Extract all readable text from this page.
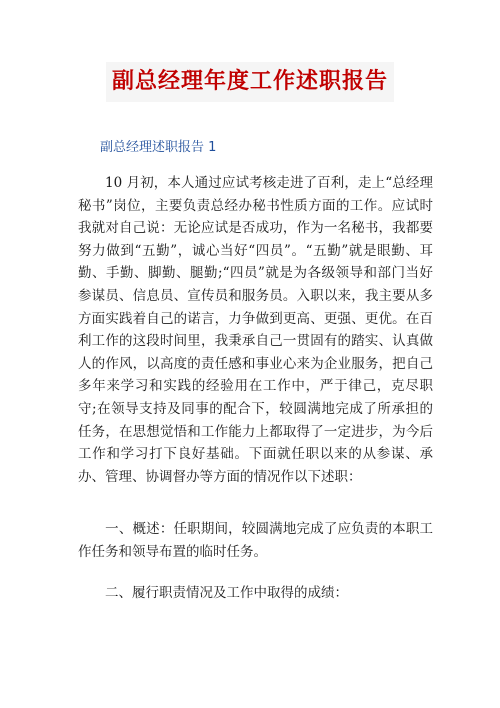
副总经理年度工作述职报告
副总经理述职报告 1

10 月初，本人通过应试考核走进了百利，走上“总经理秘书”岗位，主要负责总经办秘书性质方面的工作。应试时我就对自己说：无论应试是否成功，作为一名秘书，我都要努力做到“五勤”，诚心当好“四员”。“五勤”就是眼勤、耳勤、手勤、脚勤、腿勤;“四员”就是为各级领导和部门当好参谋员、信息员、宣传员和服务员。入职以来，我主要从多方面实践着自己的诺言，力争做到更高、更强、更优。在百利工作的这段时间里，我秉承自己一贯固有的踏实、认真做人的作风，以高度的责任感和事业心来为企业服务，把自己多年来学习和实践的经验用在工作中，严于律己，克尽职守;在领导支持及同事的配合下，较圆满地完成了所承担的任务，在思想觉悟和工作能力上都取得了一定进步，为今后工作和学习打下良好基础。下面就任职以来的从参谋、承办、管理、协调督办等方面的情况作以下述职：

一、概述：任职期间，较圆满地完成了应负责的本职工作任务和领导布置的临时任务。

二、履行职责情况及工作中取得的成绩：
